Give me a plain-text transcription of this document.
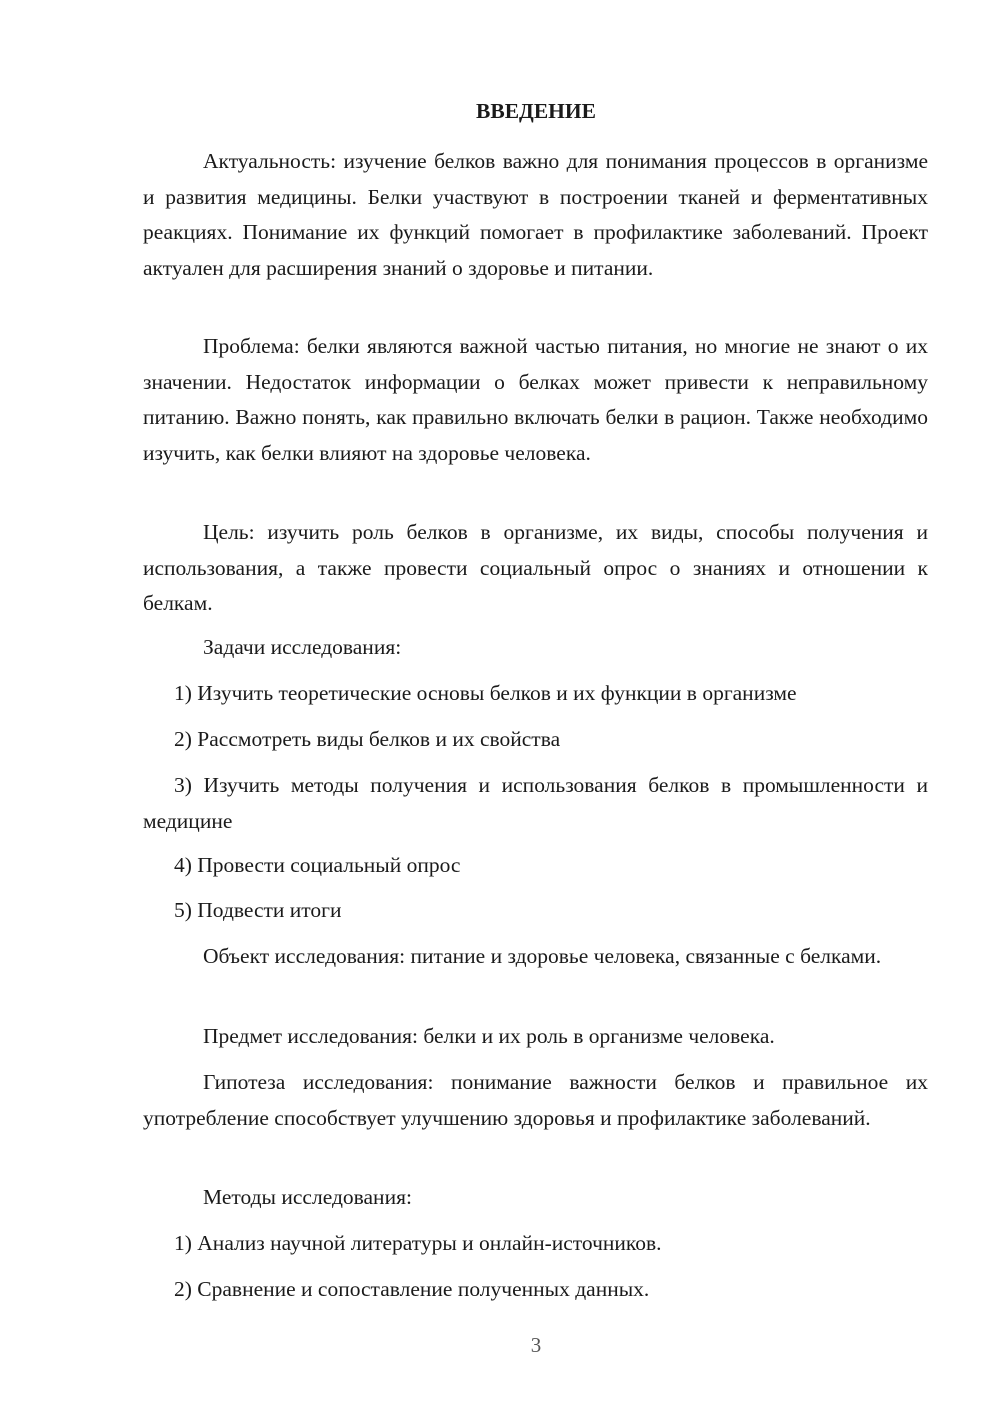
ВВЕДЕНИЕ

Актуальность: изучение белков важно для понимания процессов в организме и развития медицины. Белки участвуют в построении тканей и ферментативных реакциях. Понимание их функций помогает в профилактике заболеваний. Проект актуален для расширения знаний о здоровье и питании.

Проблема: белки являются важной частью питания, но многие не знают о их значении. Недостаток информации о белках может привести к неправильному питанию. Важно понять, как правильно включать белки в рацион. Также необходимо изучить, как белки влияют на здоровье человека.

Цель: изучить роль белков в организме, их виды, способы получения и использования, а также провести социальный опрос о знаниях и отношении к белкам.

Задачи исследования:

1) Изучить теоретические основы белков и их функции в организме

2) Рассмотреть виды белков и их свойства

3) Изучить методы получения и использования белков в промышленности и медицине

4) Провести социальный опрос

5) Подвести итоги

Объект исследования: питание и здоровье человека, связанные с белками.

Предмет исследования: белки и их роль в организме человека.

Гипотеза исследования: понимание важности белков и правильное их употребление способствует улучшению здоровья и профилактике заболеваний.

Методы исследования:

1) Анализ научной литературы и онлайн-источников.

2) Сравнение и сопоставление полученных данных.

3
